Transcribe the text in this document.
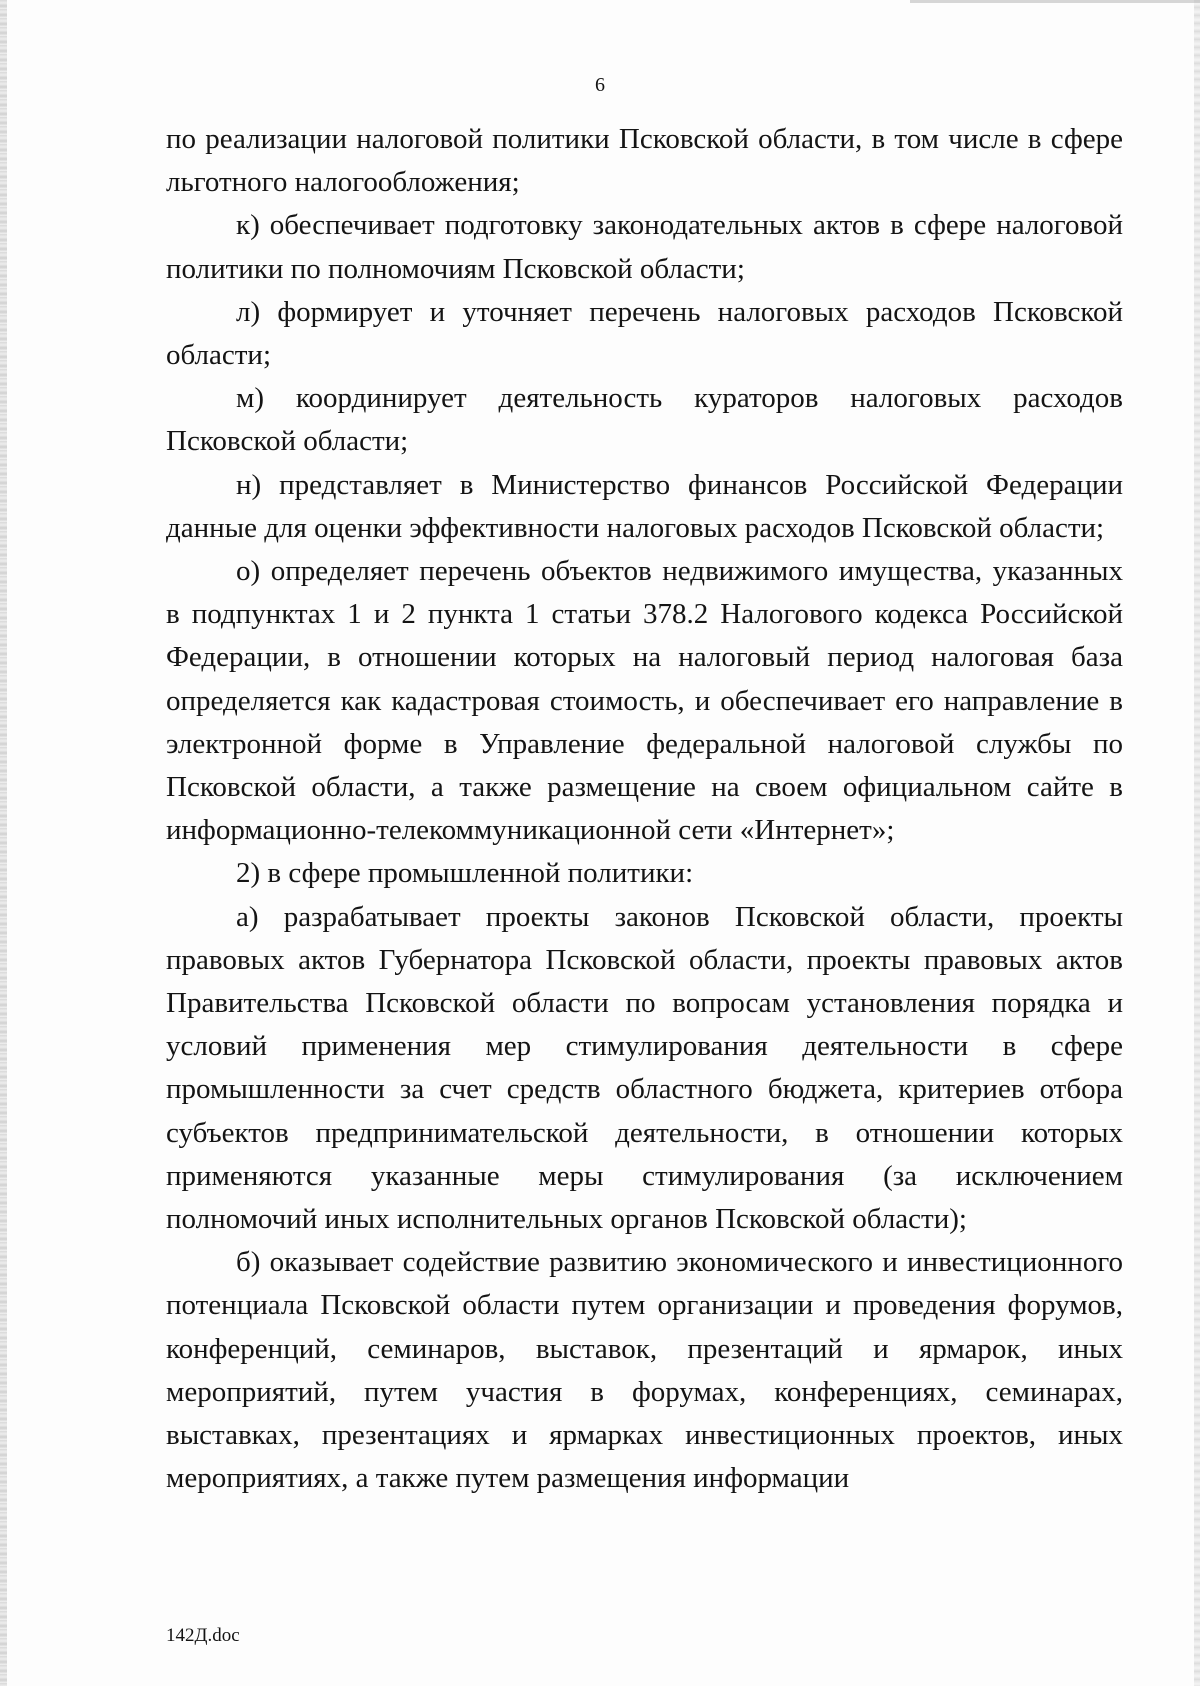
6

по реализации налоговой политики Псковской области, в том числе в сфере льготного налогообложения;

к) обеспечивает подготовку законодательных актов в сфере налоговой политики по полномочиям Псковской области;

л) формирует и уточняет перечень налоговых расходов Псковской области;

м) координирует деятельность кураторов налоговых расходов Псковской области;

н) представляет в Министерство финансов Российской Федерации данные для оценки эффективности налоговых расходов Псковской области;

о) определяет перечень объектов недвижимого имущества, указанных в подпунктах 1 и 2 пункта 1 статьи 378.2 Налогового кодекса Российской Федерации, в отношении которых на налоговый период налоговая база определяется как кадастровая стоимость, и обеспечивает его направление в электронной форме в Управление федеральной налоговой службы по Псковской области, а также размещение на своем официальном сайте в информационно-телекоммуникационной сети «Интернет»;

2) в сфере промышленной политики:

а) разрабатывает проекты законов Псковской области, проекты правовых актов Губернатора Псковской области, проекты правовых актов Правительства Псковской области по вопросам установления порядка и условий применения мер стимулирования деятельности в сфере промышленности за счет средств областного бюджета, критериев отбора субъектов предпринимательской деятельности, в отношении которых применяются указанные меры стимулирования (за исключением полномочий иных исполнительных органов Псковской области);

б) оказывает содействие развитию экономического и инвестиционного потенциала Псковской области путем организации и проведения форумов, конференций, семинаров, выставок, презентаций и ярмарок, иных мероприятий, путем участия в форумах, конференциях, семинарах, выставках, презентациях и ярмарках инвестиционных проектов, иных мероприятиях, а также путем размещения информации

142Д.doc
